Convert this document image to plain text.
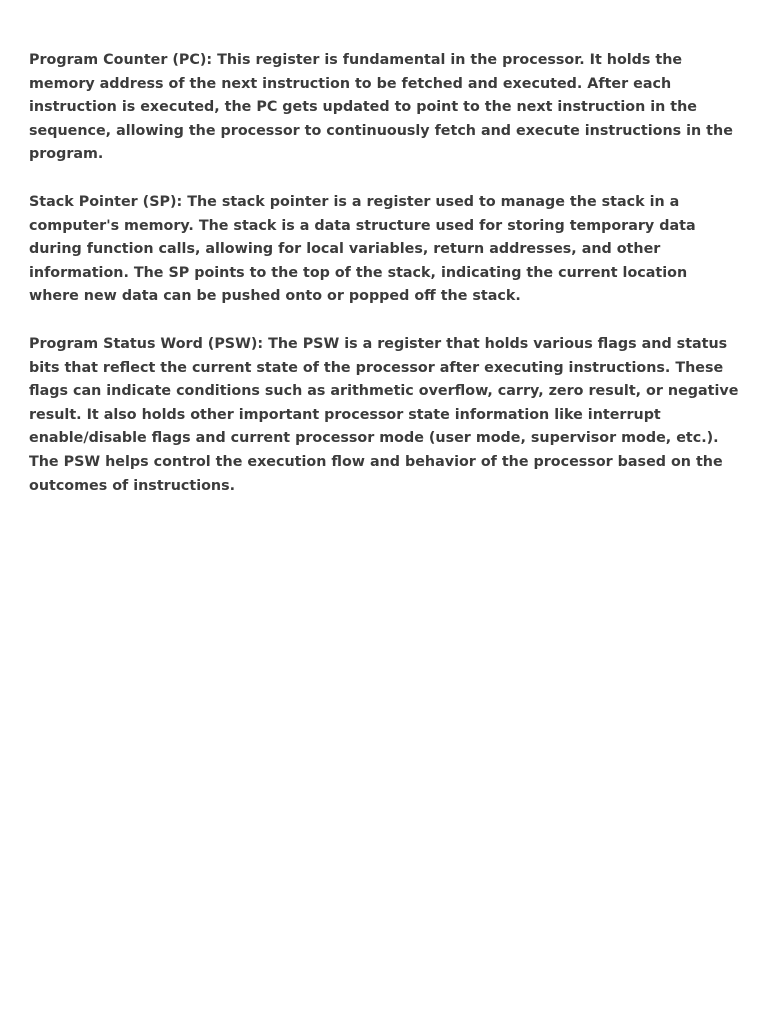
Program Counter (PC): This register is fundamental in the processor. It holds the memory address of the next instruction to be fetched and executed. After each instruction is executed, the PC gets updated to point to the next instruction in the sequence, allowing the processor to continuously fetch and execute instructions in the program.

Stack Pointer (SP): The stack pointer is a register used to manage the stack in a computer's memory. The stack is a data structure used for storing temporary data during function calls, allowing for local variables, return addresses, and other information. The SP points to the top of the stack, indicating the current location where new data can be pushed onto or popped off the stack.

Program Status Word (PSW): The PSW is a register that holds various flags and status bits that reflect the current state of the processor after executing instructions. These flags can indicate conditions such as arithmetic overflow, carry, zero result, or negative result. It also holds other important processor state information like interrupt enable/disable flags and current processor mode (user mode, supervisor mode, etc.). The PSW helps control the execution flow and behavior of the processor based on the outcomes of instructions.
